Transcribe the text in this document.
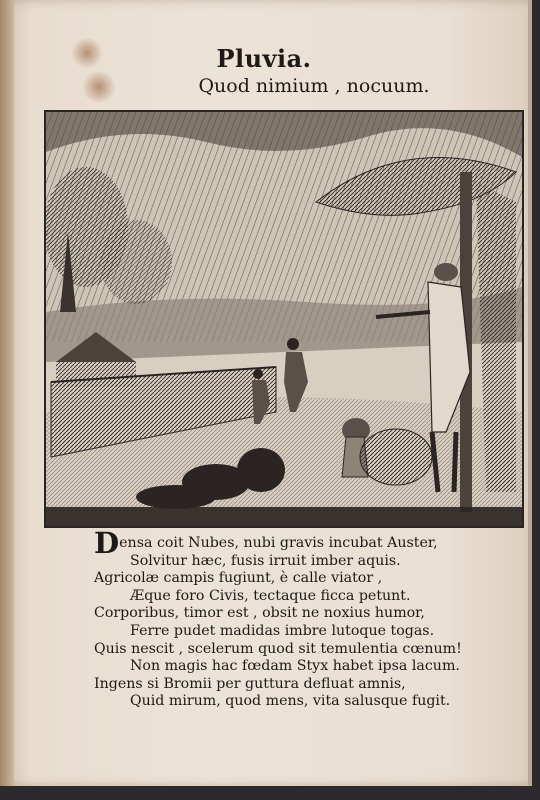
Pluvia.
Quod nimium , nocuum.
Densa coit Nubes, nubi gravis incubat Auster,
Solvitur hæc, fusis irruit imber aquis.
Agricolæ campis fugiunt, è calle viator ,
Æque foro Civis, tectaque ficca petunt.
Corporibus, timor est , obsit ne noxius humor,
Ferre pudet madidas imbre lutoque togas.
Quis nescit , scelerum quod sit temulentia cœnum!
Non magis hac fœdam Styx habet ipsa lacum.
Ingens si Bromii per guttura defluat amnis,
Quid mirum, quod mens, vita salusque fugit.
